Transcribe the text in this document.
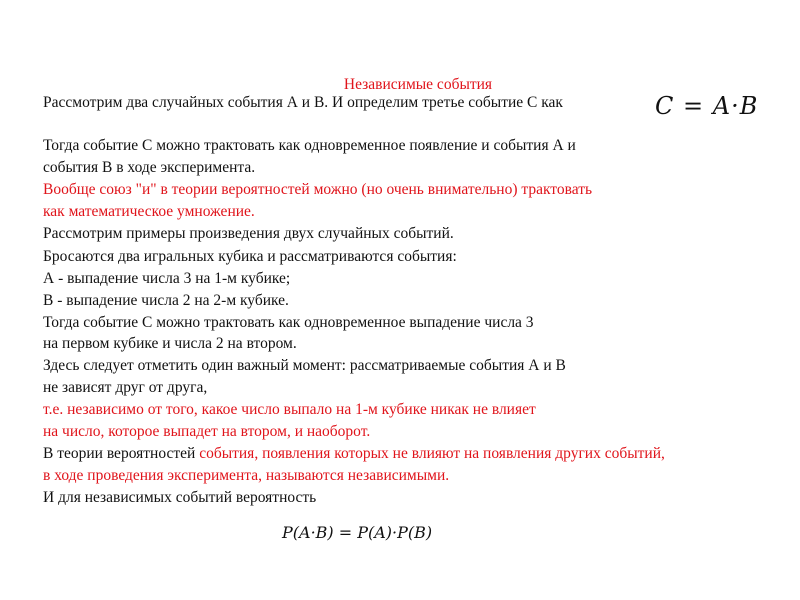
Независимые события
Рассмотрим два случайных события А и В. И определим третье событие С как	C = A·B
Тогда событие С можно трактовать как одновременное появление и события А и
события В в ходе эксперимента.
Вообще союз "и" в теории вероятностей можно (но очень внимательно) трактовать
как математическое умножение.
Рассмотрим примеры произведения двух случайных событий.
Бросаются два игральных кубика и рассматриваются события:
А - выпадение числа 3 на 1-м кубике;
В - выпадение числа 2 на 2-м кубике.
Тогда событие С можно трактовать как одновременное выпадение числа 3
на первом кубике и числа 2 на втором.
Здесь следует отметить один важный момент: рассматриваемые события А и В
не зависят друг от друга,
т.е. независимо от того, какое число выпало на 1-м кубике никак не влияет
на число, которое выпадет на втором, и наоборот.
В теории вероятностей события, появления которых не влияют на появления других событий,
в ходе проведения эксперимента, называются независимыми.
И для независимых событий вероятность
P(A·B) = P(A)·P(B)
